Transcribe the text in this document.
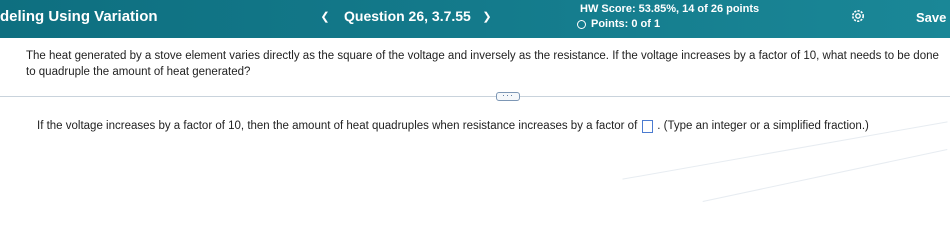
deling Using Variation	❮ Question 26, 3.7.55 ❯
HW Score: 53.85%, 14 of 26 points
Points: 0 of 1	Save
The heat generated by a stove element varies directly as the square of the voltage and inversely as the resistance. If the voltage increases by a factor of 10, what needs to be done to quadruple the amount of heat generated?
···
If the voltage increases by a factor of 10, then the amount of heat quadruples when resistance increases by a factor of . (Type an integer or a simplified fraction.)
